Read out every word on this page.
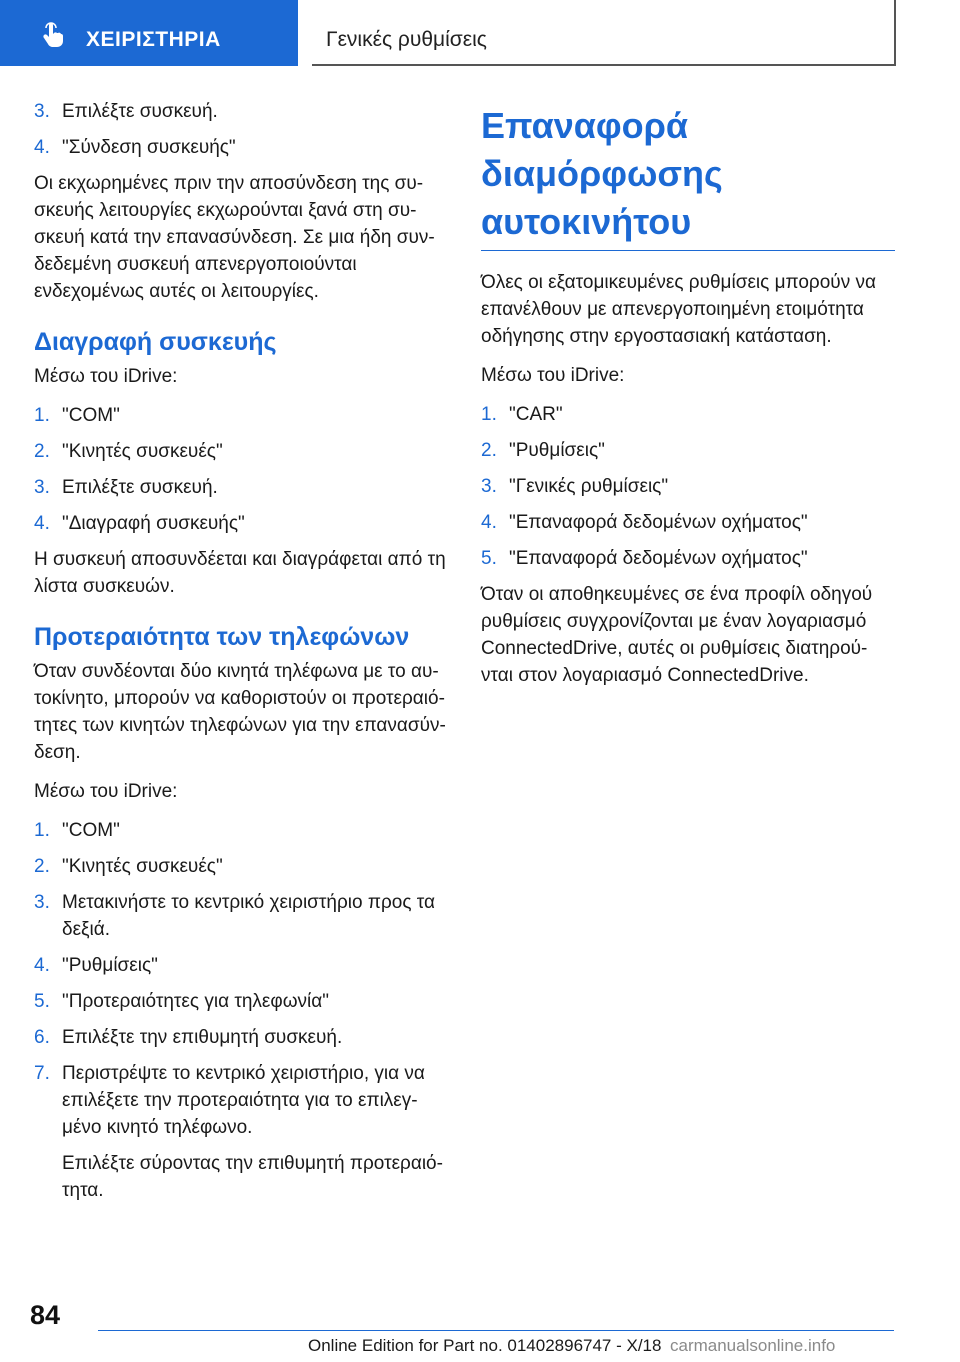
ΧΕΙΡΙΣΤΗΡΙΑ	Γενικές ρυθμίσεις
3. Επιλέξτε συσκευή.
4. "Σύνδεση συσκευής"

Οι εκχωρημένες πριν την αποσύνδεση της συ- σκευής λειτουργίες εκχωρούνται ξανά στη συ- σκευή κατά την επανασύνδεση. Σε μια ήδη συν- δεδεμένη συσκευή απενεργοποιούνται ενδεχομένως αυτές οι λειτουργίες.

Διαγραφή συσκευής

Μέσω του iDrive:

1. "COM"
2. "Κινητές συσκευές"
3. Επιλέξτε συσκευή.
4. "Διαγραφή συσκευής"

Η συσκευή αποσυνδέεται και διαγράφεται από τη λίστα συσκευών.

Προτεραιότητα των τηλεφώνων

Όταν συνδέονται δύο κινητά τηλέφωνα με το αυ- τοκίνητο, μπορούν να καθοριστούν οι προτεραιό- τητες των κινητών τηλεφώνων για την επανασύν- δεση.

Μέσω του iDrive:

1. "COM"
2. "Κινητές συσκευές"
3. Μετακινήστε το κεντρικό χειριστήριο προς τα δεξιά.
4. "Ρυθμίσεις"
5. "Προτεραιότητες για τηλεφωνία"
6. Επιλέξτε την επιθυμητή συσκευή.
7. Περιστρέψτε το κεντρικό χειριστήριο, για να επιλέξετε την προτεραιότητα για το επιλεγ- μένο κινητό τηλέφωνο.

Επιλέξτε σύροντας την επιθυμητή προτεραιό- τητα.

Επαναφορά διαμόρφωσης αυτοκινήτου

Όλες οι εξατομικευμένες ρυθμίσεις μπορούν να επανέλθουν με απενεργοποιημένη ετοιμότητα οδήγησης στην εργοστασιακή κατάσταση.

Μέσω του iDrive:

1. "CAR"
2. "Ρυθμίσεις"
3. "Γενικές ρυθμίσεις"
4. "Επαναφορά δεδομένων οχήματος"
5. "Επαναφορά δεδομένων οχήματος"

Όταν οι αποθηκευμένες σε ένα προφίλ οδηγού ρυθμίσεις συγχρονίζονται με έναν λογαριασμό ConnectedDrive, αυτές οι ρυθμίσεις διατηρού- νται στον λογαριασμό ConnectedDrive.

84
Online Edition for Part no. 01402896747 - X/18 carmanualsonline.info
